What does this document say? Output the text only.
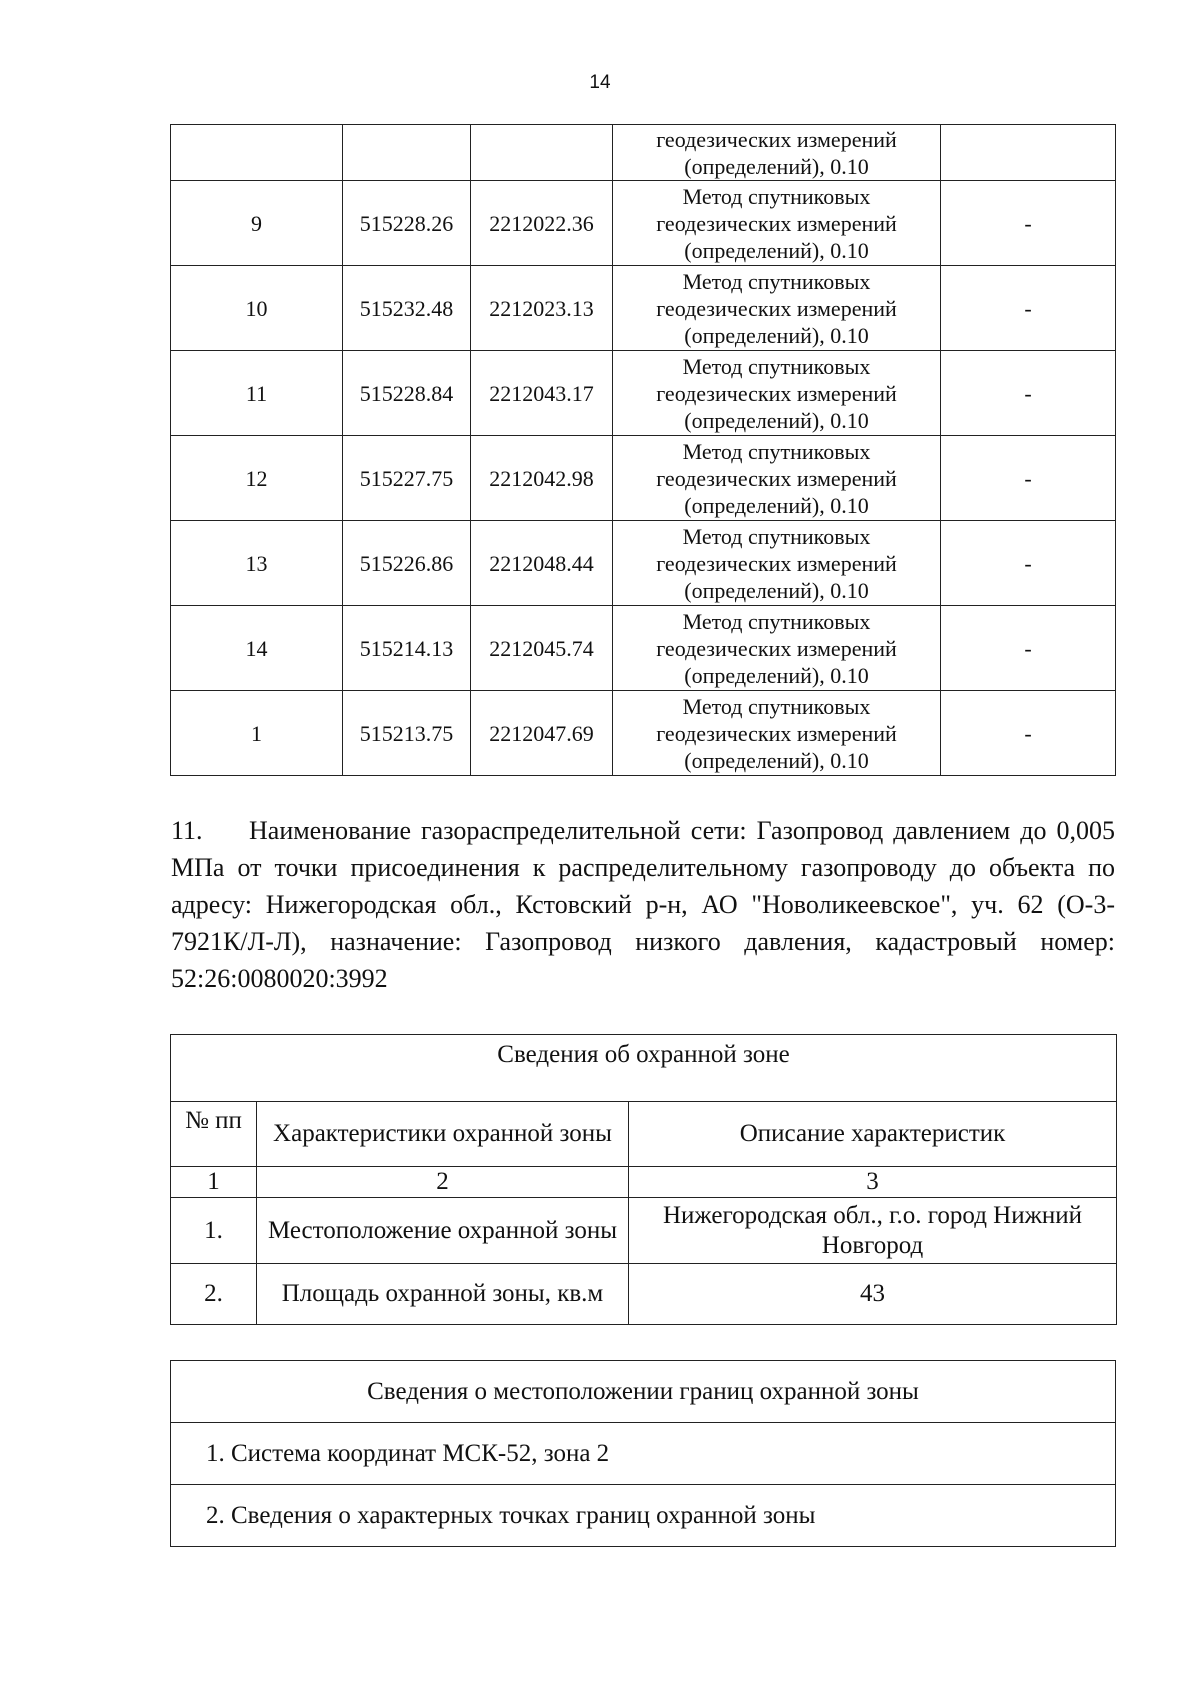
14

			геодезических измерений
(определений), 0.10	

9	515228.26	2212022.36	Метод спутниковых
геодезических измерений
(определений), 0.10	-
10	515232.48	2212023.13	Метод спутниковых
геодезических измерений
(определений), 0.10	-
11	515228.84	2212043.17	Метод спутниковых
геодезических измерений
(определений), 0.10	-
12	515227.75	2212042.98	Метод спутниковых
геодезических измерений
(определений), 0.10	-
13	515226.86	2212048.44	Метод спутниковых
геодезических измерений
(определений), 0.10	-
14	515214.13	2212045.74	Метод спутниковых
геодезических измерений
(определений), 0.10	-
1	515213.75	2212047.69	Метод спутниковых
геодезических измерений
(определений), 0.10	-
11. Наименование газораспределительной сети: Газопровод давлением до 0,005 МПа от точки присоединения к распределительному газопроводу до объекта по адресу: Нижегородская обл., Кстовский р-н, АО "Новоликеевское", уч. 62 (О-3-7921К/Л-Л), назначение: Газопровод низкого давления, кадастровый номер: 52:26:0080020:3992
Сведения об охранной зоне		
№ пп	Характеристики охранной зоны	Описание характеристик
1	2	3
1.	Местоположение охранной зоны	Нижегородская обл., г.о. город Нижний Новгород
2.	Площадь охранной зоны, кв.м	43
Сведения о местоположении границ охранной зоны
1. Система координат МСК-52, зона 2
2. Сведения о характерных точках границ охранной зоны
